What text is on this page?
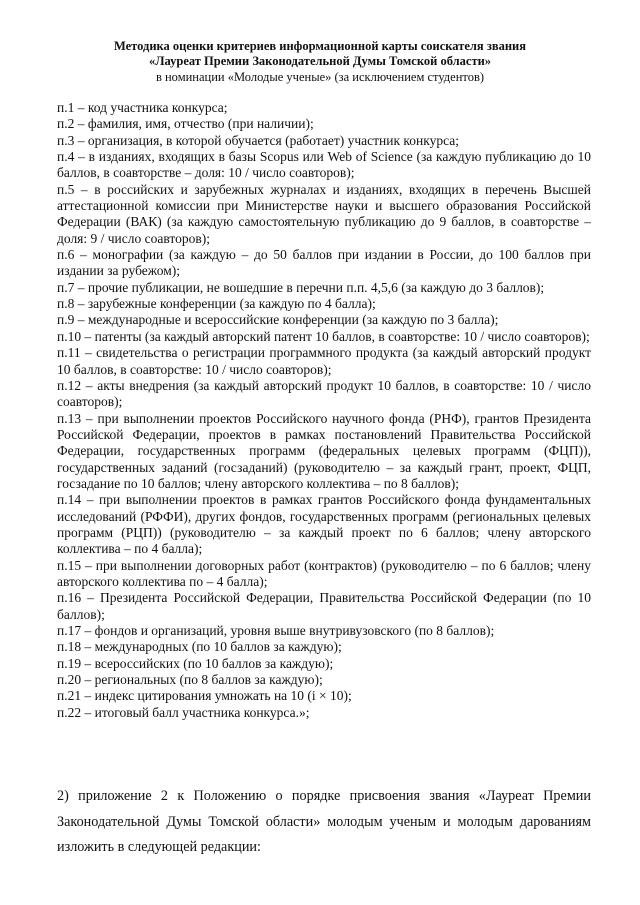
Методика оценки критериев информационной карты соискателя звания
«Лауреат Премии Законодательной Думы Томской области»
в номинации «Молодые ученые» (за исключением студентов)
п.1 – код участника конкурса;
п.2 – фамилия, имя, отчество (при наличии);
п.3 – организация, в которой обучается (работает) участник конкурса;
п.4 – в изданиях, входящих в базы Scopus или Web of Science (за каждую публикацию до 10 баллов, в соавторстве – доля: 10 / число соавторов);
п.5 – в российских и зарубежных журналах и изданиях, входящих в перечень Высшей аттестационной комиссии при Министерстве науки и высшего образования Российской Федерации (ВАК) (за каждую самостоятельную публикацию до 9 баллов, в соавторстве – доля: 9 / число соавторов);
п.6 – монографии (за каждую – до 50 баллов при издании в России, до 100 баллов при издании за рубежом);
п.7 – прочие публикации, не вошедшие в перечни п.п. 4,5,6 (за каждую до 3 баллов);
п.8 – зарубежные конференции (за каждую по 4 балла);
п.9 – международные и всероссийские конференции (за каждую по 3 балла);
п.10 – патенты (за каждый авторский патент 10 баллов, в соавторстве: 10 / число соавторов);
п.11 – свидетельства о регистрации программного продукта (за каждый авторский продукт 10 баллов, в соавторстве: 10 / число соавторов);
п.12 – акты внедрения (за каждый авторский продукт 10 баллов, в соавторстве: 10 / число соавторов);
п.13 – при выполнении проектов Российского научного фонда (РНФ), грантов Президента Российской Федерации, проектов в рамках постановлений Правительства Российской Федерации, государственных программ (федеральных целевых программ (ФЦП)), государственных заданий (госзаданий) (руководителю – за каждый грант, проект, ФЦП, госзадание по 10 баллов; члену авторского коллектива – по 8 баллов);
п.14 – при выполнении проектов в рамках грантов Российского фонда фундаментальных исследований (РФФИ), других фондов, государственных программ (региональных целевых программ (РЦП)) (руководителю – за каждый проект по 6 баллов; члену авторского коллектива – по 4 балла);
п.15 – при выполнении договорных работ (контрактов) (руководителю – по 6 баллов; члену авторского коллектива по – 4 балла);
п.16 – Президента Российской Федерации, Правительства Российской Федерации (по 10 баллов);
п.17 – фондов и организаций, уровня выше внутривузовского (по 8 баллов);
п.18 – международных (по 10 баллов за каждую);
п.19 – всероссийских (по 10 баллов за каждую);
п.20 – региональных (по 8 баллов за каждую);
п.21 – индекс цитирования умножать на 10 (i × 10);
п.22 – итоговый балл участника конкурса.»;

2) приложение 2 к Положению о порядке присвоения звания «Лауреат Премии Законодательной Думы Томской области» молодым ученым и молодым дарованиям изложить в следующей редакции:
